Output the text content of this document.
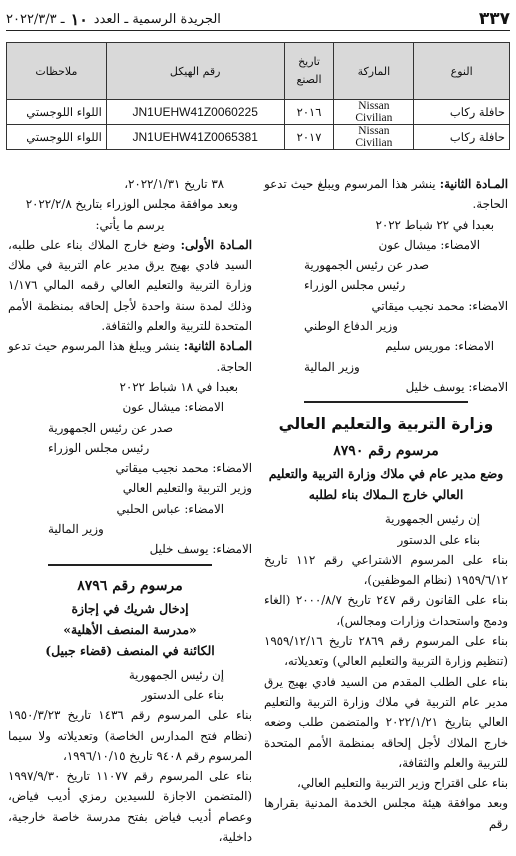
٣٣٧
الجريدة الرسمية ـ العدد
١٠
ـ ٢٠٢٢/٣/٣
النوع	الماركة	تاريخ الصنع	رقم الهيكل	ملاحظات
حافلة ركاب	Nissan Civilian	٢٠١٦	JN1UEHW41Z0060225	اللواء اللوجستي
حافلة ركاب	Nissan Civilian	٢٠١٧	JN1UEHW41Z0065381	اللواء اللوجستي

المـادة الثانية: ينشر هذا المرسوم ويبلغ حيث تدعو الحاجة.

بعبدا في ٢٢ شباط ٢٠٢٢

الامضاء: ميشال عون

صدر عن رئيس الجمهورية

رئيس مجلس الوزراء

الامضاء: محمد نجيب ميقاتي

وزير الدفاع الوطني

الامضاء: موريس سليم

وزير المالية

الامضاء: يوسف خليل

وزارة التربية والتعليم العالي
مرسوم رقم ٨٧٩٠
وضع مدير عام في ملاك وزارة التربية والتعليم العالي خارج الـملاك بناء لطلبه

إن رئيس الجمهورية

بناء على الدستور

بناء على المرسوم الاشتراعي رقم ١١٢ تاريخ ١٩٥٩/٦/١٢ (نظام الموظفين)،

بناء على القانون رقم ٢٤٧ تاريخ ٢٠٠٠/٨/٧ (الغاء ودمج واستحداث وزارات ومجالس)،

بناء على المرسوم رقم ٢٨٦٩ تاريخ ١٩٥٩/١٢/١٦ (تنظيم وزارة التربية والتعليم العالي) وتعديلاته،

بناء على الطلب المقدم من السيد فادي بهيج يرق مدير عام التربية في ملاك وزارة التربية والتعليم العالي بتاريخ ٢٠٢٢/١/٢١ والمتضمن طلب وضعه خارج الملاك لأجل إلحاقه بمنظمة الأمم المتحدة للتربية والعلم والثقافة،

بناء على اقتراح وزير التربية والتعليم العالي،

وبعد موافقة هيئة مجلس الخدمة المدنية بقرارها رقم

٣٨ تاريخ ٢٠٢٢/١/٣١،

وبعد موافقة مجلس الوزراء بتاريخ ٢٠٢٢/٢/٨

يرسم ما يأتي:

المـادة الأولى: وضع خارج الملاك بناء على طلبه، السيد فادي بهيج يرق مدير عام التربية في ملاك وزارة التربية والتعليم العالي رقمه المالي ١/١٧٦ وذلك لمدة سنة واحدة لأجل إلحاقه بمنظمة الأمم المتحدة للتربية والعلم والثقافة.

المـادة الثانية: ينشر ويبلغ هذا المرسوم حيث تدعو الحاجة.

بعبدا في ١٨ شباط ٢٠٢٢

الامضاء: ميشال عون

صدر عن رئيس الجمهورية

رئيس مجلس الوزراء

الامضاء: محمد نجيب ميقاتي

وزير التربية والتعليم العالي

الامضاء: عباس الحلبي

وزير المالية

الامضاء: يوسف خليل

مرسوم رقم ٨٧٩٦
إدخال شريك في إجازة
«مدرسة المنصف الأهلية»
الكائنة في المنصف (قضاء جبيل)

إن رئيس الجمهورية

بناء على الدستور

بناء على المرسوم رقم ١٤٣٦ تاريخ ١٩٥٠/٣/٢٣ (نظام فتح المدارس الخاصة) وتعديلاته ولا سيما المرسوم رقم ٩٤٠٨ تاريخ ١٩٩٦/١٠/١٥،

بناء على المرسوم رقم ١١٠٧٧ تاريخ ١٩٩٧/٩/٣٠ (المتضمن الاجازة للسيدين رمزي أديب فياض، وعصام أديب فياض بفتح مدرسة خاصة خارجية، داخلية،
